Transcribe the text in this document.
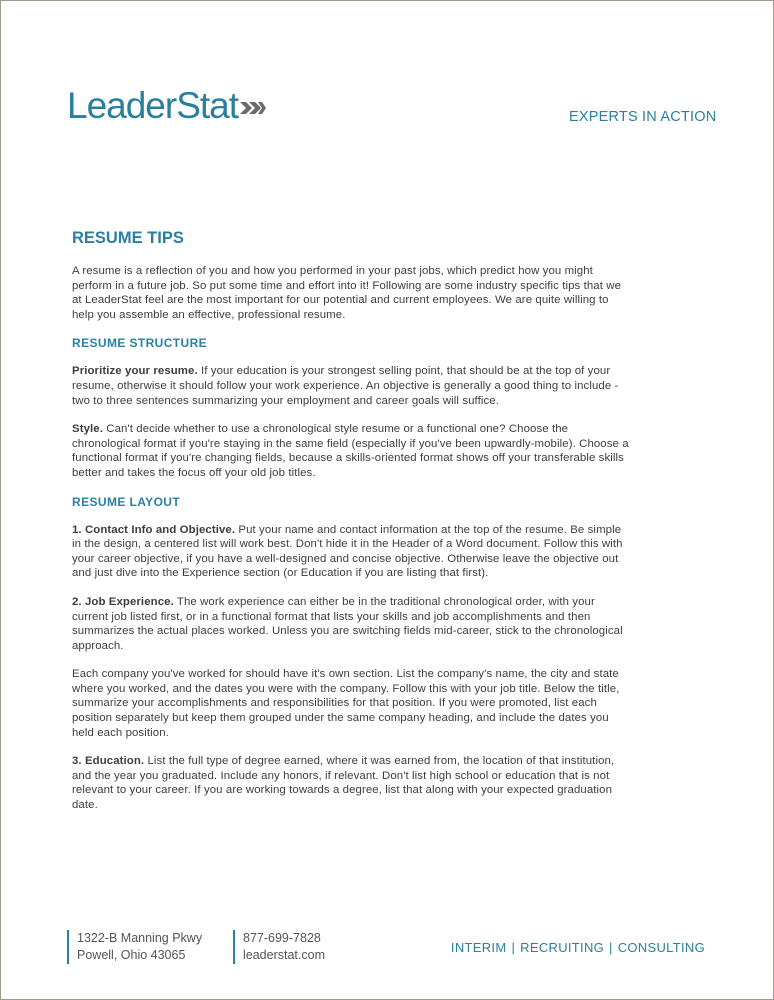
LeaderStat	EXPERTS IN ACTION
RESUME TIPS

A resume is a reflection of you and how you performed in your past jobs, which predict how you might perform in a future job. So put some time and effort into it! Following are some industry specific tips that we at LeaderStat feel are the most important for our potential and current employees. We are quite willing to help you assemble an effective, professional resume.

RESUME STRUCTURE

Prioritize your resume. If your education is your strongest selling point, that should be at the top of your resume, otherwise it should follow your work experience. An objective is generally a good thing to include - two to three sentences summarizing your employment and career goals will suffice.

Style. Can't decide whether to use a chronological style resume or a functional one? Choose the chronological format if you're staying in the same field (especially if you've been upwardly-mobile). Choose a functional format if you're changing fields, because a skills-oriented format shows off your transferable skills better and takes the focus off your old job titles.

RESUME LAYOUT

1. Contact Info and Objective. Put your name and contact information at the top of the resume. Be simple in the design, a centered list will work best. Don't hide it in the Header of a Word document. Follow this with your career objective, if you have a well-designed and concise objective. Otherwise leave the objective out and just dive into the Experience section (or Education if you are listing that first).

2. Job Experience. The work experience can either be in the traditional chronological order, with your current job listed first, or in a functional format that lists your skills and job accomplishments and then summarizes the actual places worked. Unless you are switching fields mid-career, stick to the chronological approach.

Each company you've worked for should have it's own section. List the company's name, the city and state where you worked, and the dates you were with the company. Follow this with your job title. Below the title, summarize your accomplishments and responsibilities for that position. If you were promoted, list each position separately but keep them grouped under the same company heading, and include the dates you held each position.

3. Education. List the full type of degree earned, where it was earned from, the location of that institution, and the year you graduated. Include any honors, if relevant. Don't list high school or education that is not relevant to your career. If you are working towards a degree, list that along with your expected graduation date.

1322-B Manning Pkwy
Powell, Ohio 43065
877-699-7828
leaderstat.com	INTERIM | RECRUITING | CONSULTING
